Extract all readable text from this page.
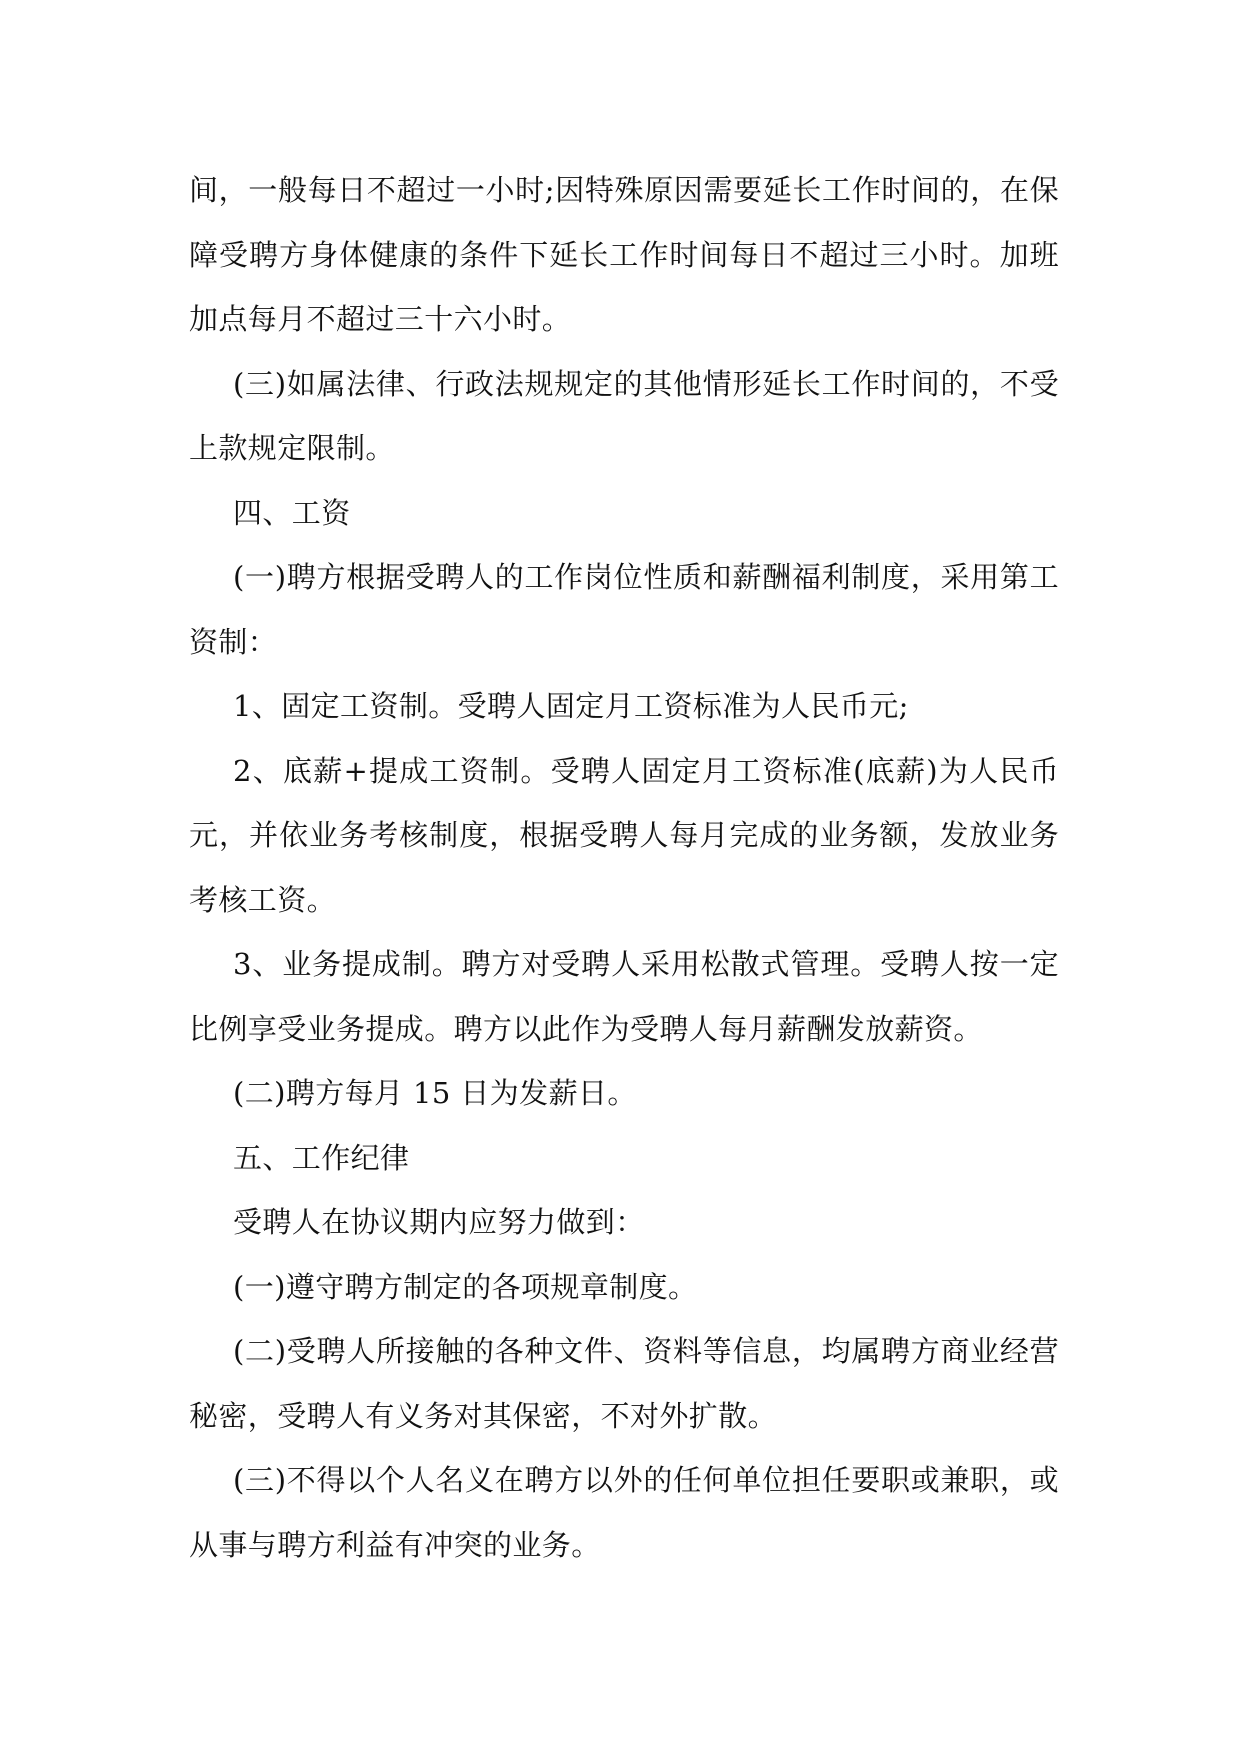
间，一般每日不超过一小时;因特殊原因需要延长工作时间的，在保障受聘方身体健康的条件下延长工作时间每日不超过三小时。加班加点每月不超过三十六小时。

(三)如属法律、行政法规规定的其他情形延长工作时间的，不受上款规定限制。

四、工资

(一)聘方根据受聘人的工作岗位性质和薪酬福利制度，采用第工资制：

1、固定工资制。受聘人固定月工资标准为人民币元;

2、底薪+提成工资制。受聘人固定月工资标准(底薪)为人民币元，并依业务考核制度，根据受聘人每月完成的业务额，发放业务考核工资。

3、业务提成制。聘方对受聘人采用松散式管理。受聘人按一定比例享受业务提成。聘方以此作为受聘人每月薪酬发放薪资。

(二)聘方每月 15 日为发薪日。

五、工作纪律

受聘人在协议期内应努力做到：

(一)遵守聘方制定的各项规章制度。

(二)受聘人所接触的各种文件、资料等信息，均属聘方商业经营秘密，受聘人有义务对其保密，不对外扩散。

(三)不得以个人名义在聘方以外的任何单位担任要职或兼职，或从事与聘方利益有冲突的业务。
